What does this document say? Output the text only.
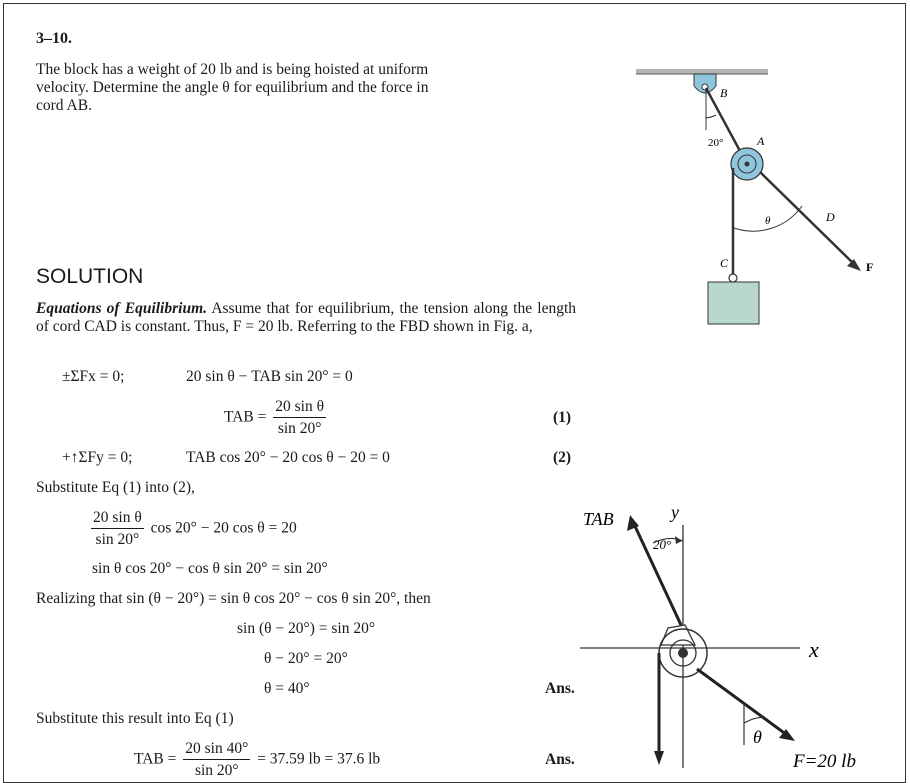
3–10.
The block has a weight of 20 lb and is being hoisted at uniform velocity. Determine the angle θ for equilibrium and the force in cord AB.
B
A
C
D
F
20°
θ
SOLUTION
Equations of Equilibrium. Assume that for equilibrium, the tension along the length of cord CAD is constant. Thus, F = 20 lb. Referring to the FBD shown in Fig. a,
±ΣFx = 0;	20 sin θ − TAB sin 20° = 0
TAB = $\frac{\text{20 sin θ}}{\sin 20^\circ}$	(1)
+↑ΣFy = 0;	TAB cos 20° − 20 cos θ − 20 = 0	(2)
Substitute Eq (1) into (2),
$\frac{\text{20 sin θ}}{\sin 20^\circ}$ cos 20° − 20 cos θ = 20
sin θ cos 20° − cos θ sin 20° = sin 20°
Realizing that sin (θ − 20°) = sin θ cos 20° − cos θ sin 20°, then
sin (θ − 20°) = sin 20°
θ − 20° = 20°
θ = 40°	Ans.
Substitute this result into Eq (1)
TAB = $\frac{20 \sin 40^\circ}{\sin 20^\circ} = 37.59$ lb = 37.6 lb	Ans.
TAB	y
20°
x
θ
F=20 lb
